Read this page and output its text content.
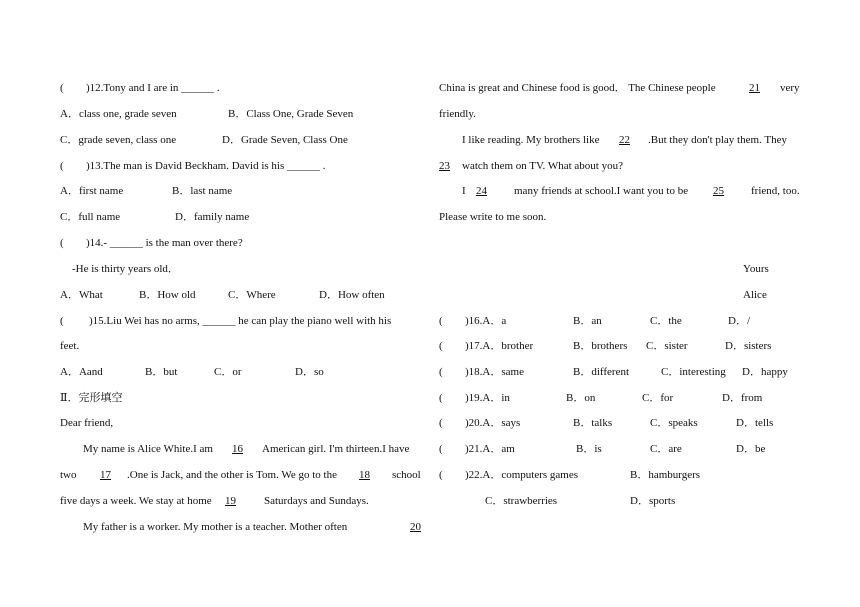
( )12.Tony and I are in ______ .
A．class one, grade seven	B．Class One, Grade Seven
C．grade seven, class one	D．Grade Seven, Class One
( )13.The man is David Beckham. David is his ______ .
A．first name	B．last name
C．full name	D．family name
( )14.- ______ is the man over there?
-He is thirty years old．
A．What	B．How old	C．Where	D．How often
( )15.Liu Wei has no arms, ______ he can play the piano well with his
feet.
A．Aand	B．but	C．or	D．so
Ⅱ．完形填空
Dear friend,
My name is Alice White.I am 16 American girl. I'm thirteen.I have
two 17 .One is Jack, and the other is Tom. We go to the 18 school
five days a week. We stay at home 19	Saturdays and Sundays.
My father is a worker. My mother is a teacher. Mother often	20
China is great and Chinese food is good． The Chinese people	21 very
friendly.
I like reading. My brothers like 22 .But they don't play them. They
23 watch them on TV. What about you?
I 24 many friends at school.I want you to be 25 friend, too.
Please write to me soon.
Yours
Alice
( )16.A．a	B．an	C．the	D．/
( )17.A．brother	B．brothers C．sister	D．sisters
( )18.A．same	B．different	C．interesting D．happy
( )19.A．in	B．on	C．for	D．from
( )20.A．says	B．talks	C．speaks	D．tells
( )21.A．am	B．is	C．are	D．be
( )22.A．computers games	B．hamburgers
C．strawberries	D．sports
